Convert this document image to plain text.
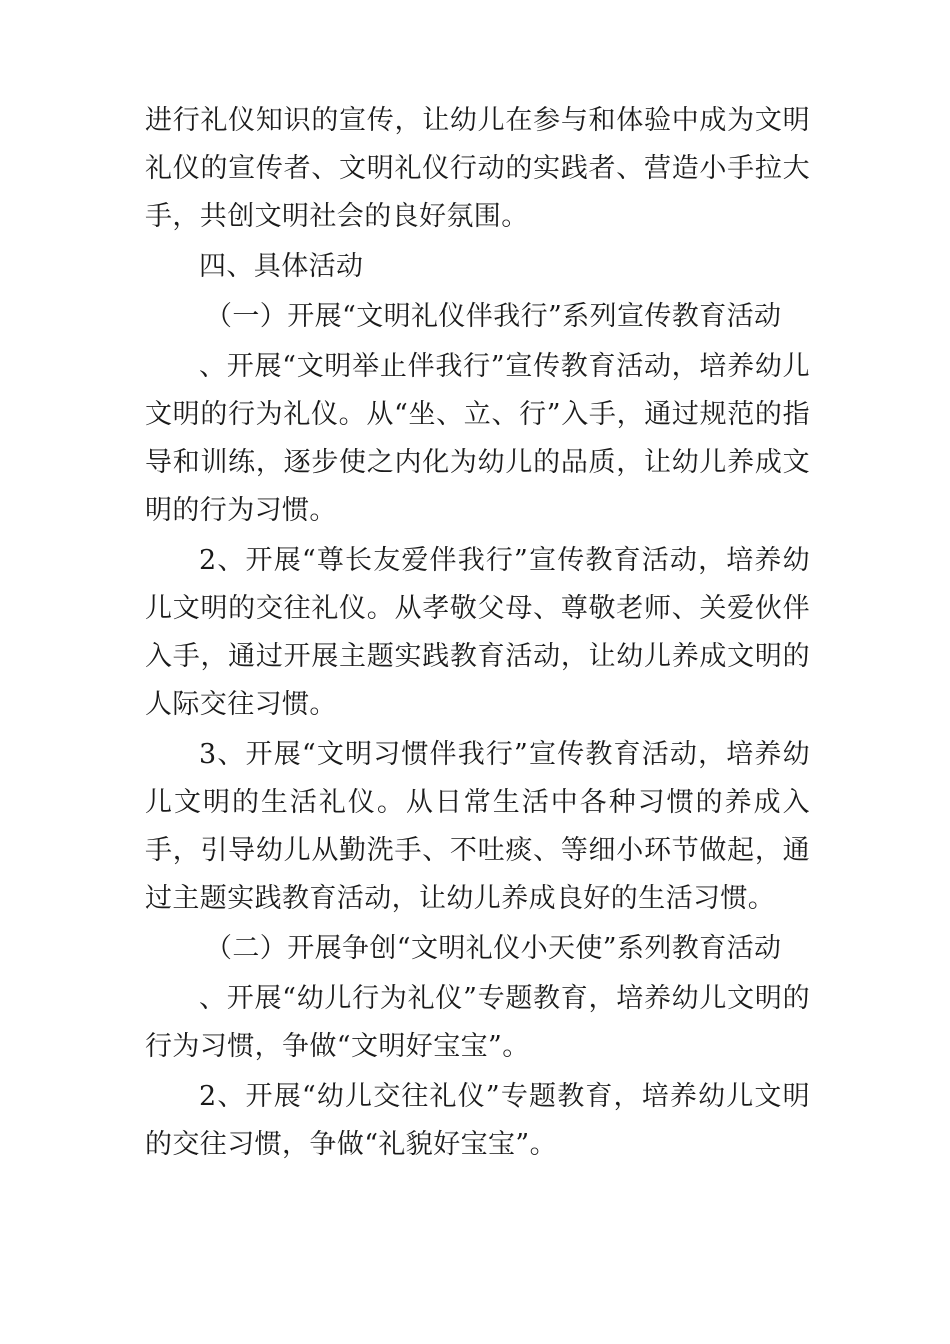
进行礼仪知识的宣传，让幼儿在参与和体验中成为文明礼仪的宣传者、文明礼仪行动的实践者、营造小手拉大手，共创文明社会的良好氛围。

四、具体活动

（一）开展“文明礼仪伴我行”系列宣传教育活动

、开展“文明举止伴我行”宣传教育活动，培养幼儿文明的行为礼仪。从“坐、立、行”入手，通过规范的指导和训练，逐步使之内化为幼儿的品质，让幼儿养成文明的行为习惯。

2、开展“尊长友爱伴我行”宣传教育活动，培养幼儿文明的交往礼仪。从孝敬父母、尊敬老师、关爱伙伴入手，通过开展主题实践教育活动，让幼儿养成文明的人际交往习惯。

3、开展“文明习惯伴我行”宣传教育活动，培养幼儿文明的生活礼仪。从日常生活中各种习惯的养成入手，引导幼儿从勤洗手、不吐痰、等细小环节做起，通过主题实践教育活动，让幼儿养成良好的生活习惯。

（二）开展争创“文明礼仪小天使”系列教育活动

、开展“幼儿行为礼仪”专题教育，培养幼儿文明的行为习惯，争做“文明好宝宝”。

2、开展“幼儿交往礼仪”专题教育，培养幼儿文明的交往习惯，争做“礼貌好宝宝”。
